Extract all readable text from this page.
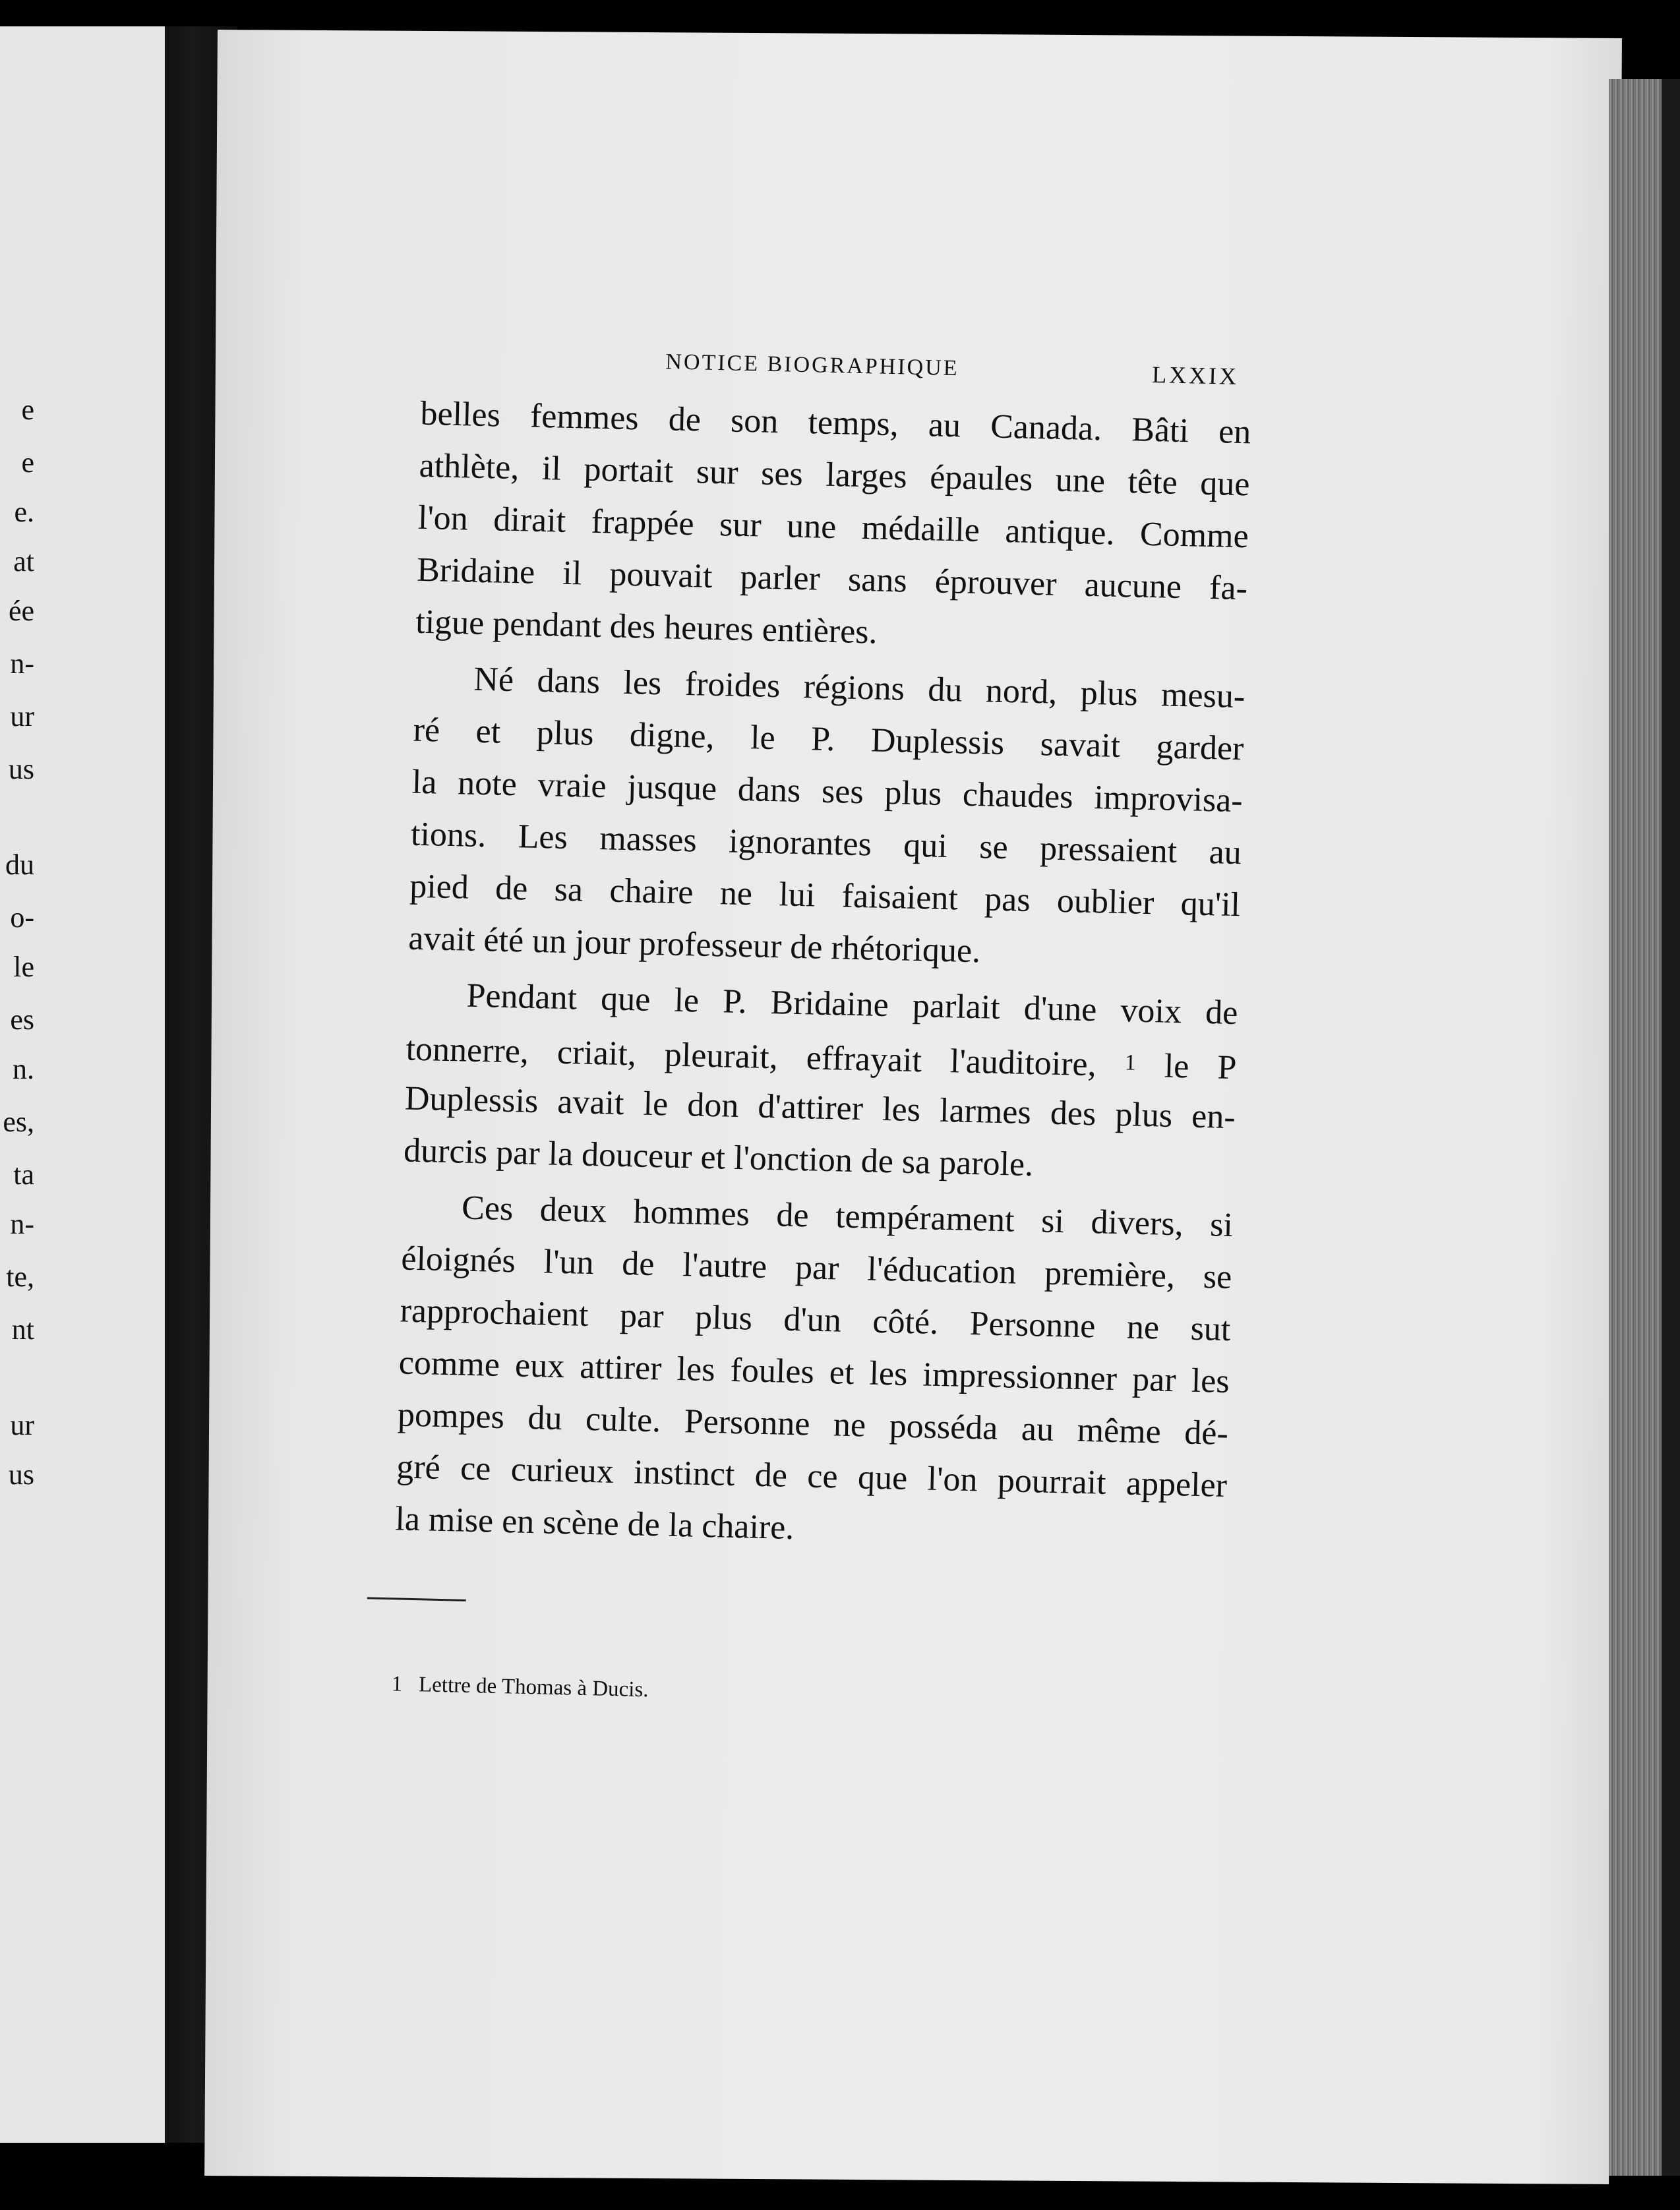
e
e
e.
at
ée
n-
ur
us
du
o-
le
es
n.
es,
ta
n-
te,
nt
ur
us
NOTICE BIOGRAPHIQUE	LXXIX
belles femmes de son temps, au Canada. Bâti en
athlète, il portait sur ses larges épaules une tête que
l'on dirait frappée sur une médaille antique. Comme
Bridaine il pouvait parler sans éprouver aucune fa-
tigue pendant des heures entières.
Né dans les froides régions du nord, plus mesu-
ré et plus digne, le P. Duplessis savait garder
la note vraie jusque dans ses plus chaudes improvisa-
tions. Les masses ignorantes qui se pressaient au
pied de sa chaire ne lui faisaient pas oublier qu'il
avait été un jour professeur de rhétorique.
Pendant que le P. Bridaine parlait d'une voix de
tonnerre, criait, pleurait, effrayait l'auditoire, $^1$ le P
Duplessis avait le don d'attirer les larmes des plus en-
durcis par la douceur et l'onction de sa parole.
Ces deux hommes de tempérament si divers, si
éloignés l'un de l'autre par l'éducation première, se
rapprochaient par plus d'un côté. Personne ne sut
comme eux attirer les foules et les impressionner par les
pompes du culte. Personne ne posséda au même dé-
gré ce curieux instinct de ce que l'on pourrait appeler
la mise en scène de la chaire.
1 Lettre de Thomas à Ducis.
